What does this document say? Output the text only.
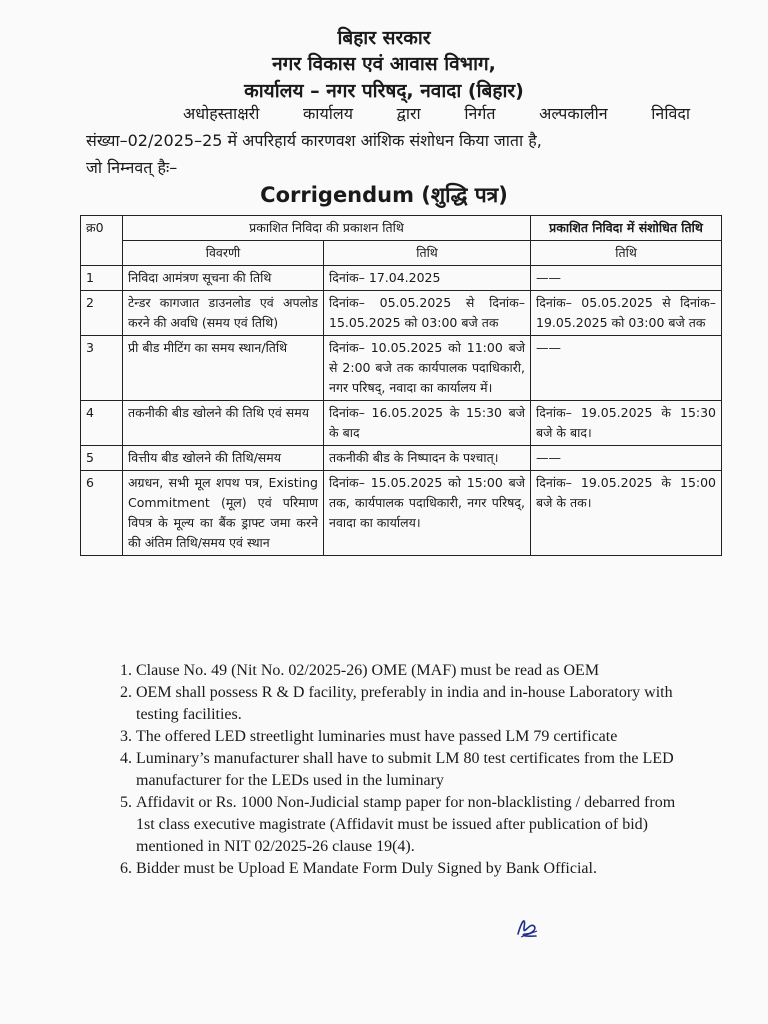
बिहार सरकार
नगर विकास एवं आवास विभाग,
कार्यालय – नगर परिषद्, नवादा (बिहार)

अधोहस्ताक्षरी कार्यालय द्वारा निर्गत अल्पकालीन निविदा

संख्या–02/2025–25 में अपरिहार्य कारणवश आंशिक संशोधन किया जाता है,

जो निम्नवत् हैः–

Corrigendum (शुद्धि पत्र)
क्र0	प्रकाशित निविदा की प्रकाशन तिथि		प्रकाशित निविदा में संशोधित तिथि
	विवरणी	तिथि	तिथि
1	निविदा आमंत्रण सूचना की तिथि	दिनांक– 17.04.2025	——
2	टेन्डर कागजात डाउनलोड एवं अपलोड करने की अवधि (समय एवं तिथि)	दिनांक– 05.05.2025 से दिनांक– 15.05.2025 को 03:00 बजे तक	दिनांक– 05.05.2025 से दिनांक– 19.05.2025 को 03:00 बजे तक
3	प्री बीड मीटिंग का समय स्थान/तिथि	दिनांक– 10.05.2025 को 11:00 बजे से 2:00 बजे तक कार्यपालक पदाधिकारी, नगर परिषद्, नवादा का कार्यालय में।	——
4	तकनीकी बीड खोलने की तिथि एवं समय	दिनांक– 16.05.2025 के 15:30 बजे के बाद	दिनांक– 19.05.2025 के 15:30 बजे के बाद।
5	वित्तीय बीड खोलने की तिथि/समय	तकनीकी बीड के निष्पादन के पश्चात्।	——
6	अग्रधन, सभी मूल शपथ पत्र, Existing Commitment (मूल) एवं परिमाण विपत्र के मूल्य का बैंक ड्राफ्ट जमा करने की अंतिम तिथि/समय एवं स्थान	दिनांक– 15.05.2025 को 15:00 बजे तक, कार्यपालक पदाधिकारी, नगर परिषद्, नवादा का कार्यालय।	दिनांक– 19.05.2025 के 15:00 बजे के तक।
1. Clause No. 49 (Nit No. 02/2025-26) OME (MAF) must be read as OEM
2. OEM shall possess R & D facility, preferably in india and in-house Laboratory with testing facilities.
3. The offered LED streetlight luminaries must have passed LM 79 certificate
4. Luminary’s manufacturer shall have to submit LM 80 test certificates from the LED manufacturer for the LEDs used in the luminary
5. Affidavit or Rs. 1000 Non-Judicial stamp paper for non-blacklisting / debarred from 1st class executive magistrate (Affidavit must be issued after publication of bid) mentioned in NIT 02/2025-26 clause 19(4).
6. Bidder must be Upload E Mandate Form Duly Signed by Bank Official.
